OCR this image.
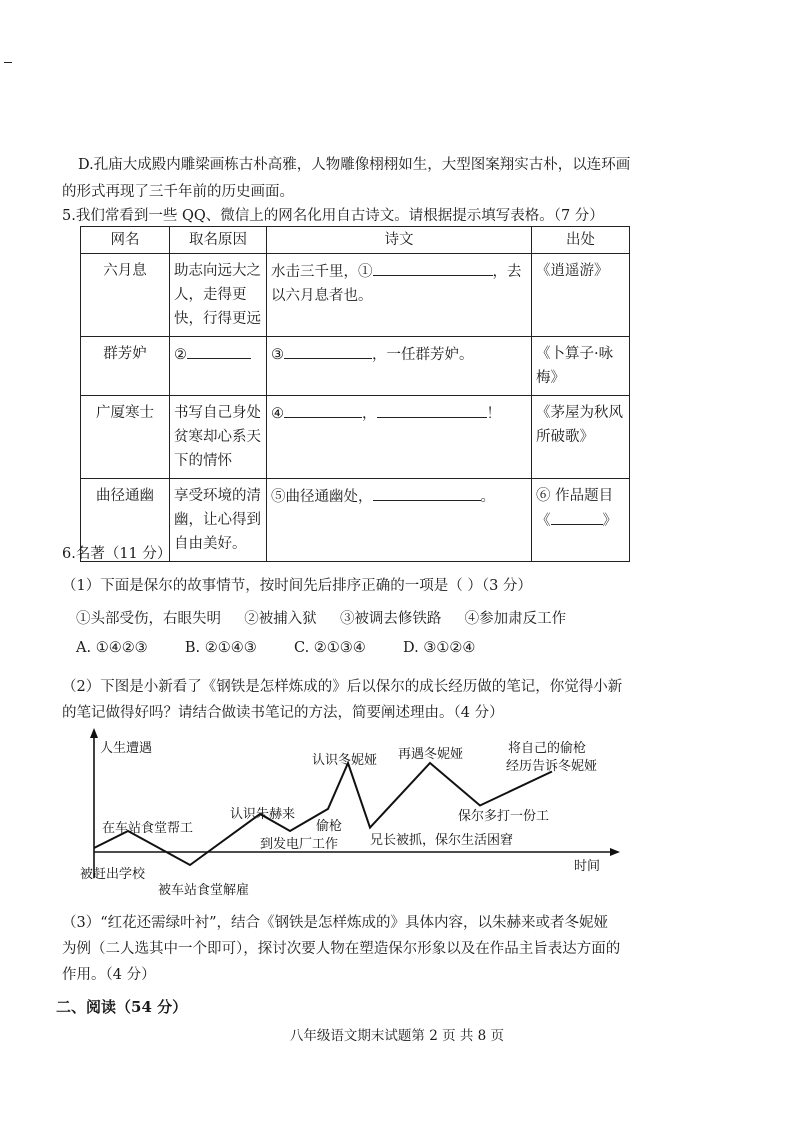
D.孔庙大成殿内雕梁画栋古朴高雅，人物雕像栩栩如生，大型图案翔实古朴，以连环画
的形式再现了三千年前的历史画面。
5.我们常看到一些 QQ、微信上的网名化用自古诗文。请根据提示填写表格。（7 分）
网名	取名原因	诗文	出处
六月息	助志向远大之人，走得更快，行得更远	水击三千里，① ，去以六月息者也。	《逍遥游》
群芳妒	②	③ ，一任群芳妒。	《卜算子·咏梅》
广厦寒士	书写自己身处贫寒却心系天下的情怀	④ ， ！	《茅屋为秋风所破歌》
曲径通幽	享受环境的清幽，让心得到自由美好。	⑤曲径通幽处， 。	⑥ 作品题目
《 》
6.名著（11 分）
（1）下面是保尔的故事情节，按时间先后排序正确的一项是（ ）（3 分）
①头部受伤，右眼失明 ②被捕入狱 ③被调去修铁路 ④参加肃反工作
A. ①④②③	B. ②①④③	C. ②①③④	D. ③①②④
（2）下图是小新看了《钢铁是怎样炼成的》后以保尔的成长经历做的笔记，你觉得小新
的笔记做得好吗？请结合做读书笔记的方法，简要阐述理由。（4 分）
人生遭遇
时间
被赶出学校
在车站食堂帮工
被车站食堂解雇
认识朱赫来
到发电厂工作
偷枪
认识冬妮娅
兄长被抓，保尔生活困窘
再遇冬妮娅
保尔多打一份工
将自己的偷枪经历告诉冬妮娅
（3）“红花还需绿叶衬”，结合《钢铁是怎样炼成的》具体内容，以朱赫来或者冬妮娅
为例（二人选其中一个即可），探讨次要人物在塑造保尔形象以及在作品主旨表达方面的
作用。（4 分）
二、阅读（54 分）
八年级语文期末试题第 2 页 共 8 页
